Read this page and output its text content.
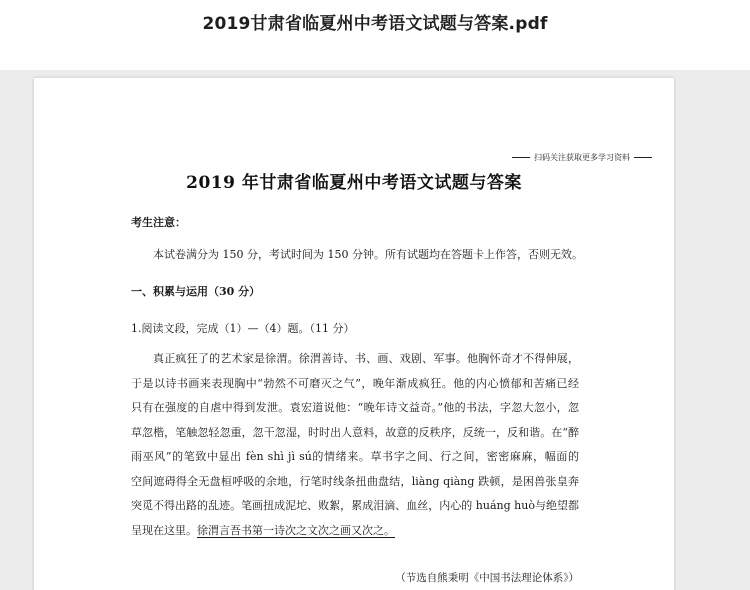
2019甘肃省临夏州中考语文试题与答案.pdf
扫码关注获取更多学习资料
2019 年甘肃省临夏州中考语文试题与答案
考生注意：
本试卷满分为 150 分，考试时间为 150 分钟。所有试题均在答题卡上作答，否则无效。
一、积累与运用（30 分）
1.阅读文段，完成（1）—（4）题。（11 分）
真正疯狂了的艺术家是徐渭。徐渭善诗、书、画、戏剧、军事。他胸怀奇才不得伸展，
于是以诗书画来表现胸中“勃然不可磨灭之气”，晚年渐成疯狂。他的内心愤郁和苦痛已经
只有在强度的自虐中得到发泄。袁宏道说他：“晚年诗文益奇。”他的书法，字忽大忽小，忽
草忽楷，笔触忽轻忽重，忽干忽湿，时时出人意料，故意的反秩序，反统一，反和谐。在“醉
雨巫风”的笔致中显出 fèn shì jì sú的情绪来。草书字之间、行之间，密密麻麻，幅面的
空间遮碍得全无盘桓呼吸的余地，行笔时线条扭曲盘结，liàng qiàng 跌顿，是困兽张皇奔
突觅不得出路的乱迹。笔画扭成泥坨、败絮，累成泪滴、血丝，内心的 huáng huò与绝望都
呈现在这里。徐渭言吾书第一诗次之文次之画又次之。
（节选自熊秉明《中国书法理论体系》）
